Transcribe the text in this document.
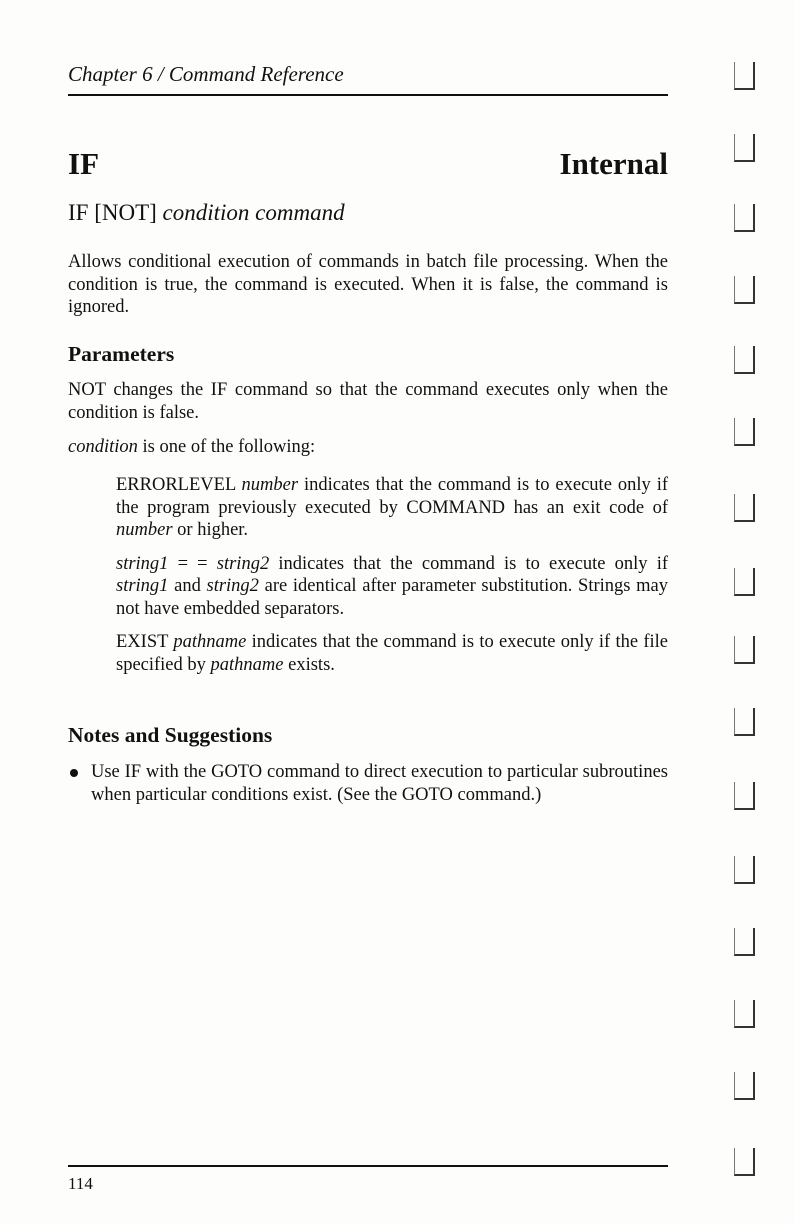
Chapter 6 / Command Reference
IF	Internal
IF [NOT] condition command

Allows conditional execution of commands in batch file processing. When the condition is true, the command is executed. When it is false, the command is ignored.

Parameters

NOT changes the IF command so that the command executes only when the condition is false.

condition is one of the following:

ERRORLEVEL number indicates that the command is to execute only if the program previously executed by COMMAND has an exit code of number or higher.

string1 = = string2 indicates that the command is to execute only if string1 and string2 are identical after parameter substitution. Strings may not have embedded separators.

EXIST pathname indicates that the command is to execute only if the file specified by pathname exists.

Notes and Suggestions
Use IF with the GOTO command to direct execution to particular subroutines when particular conditions exist. (See the GOTO command.)
114
